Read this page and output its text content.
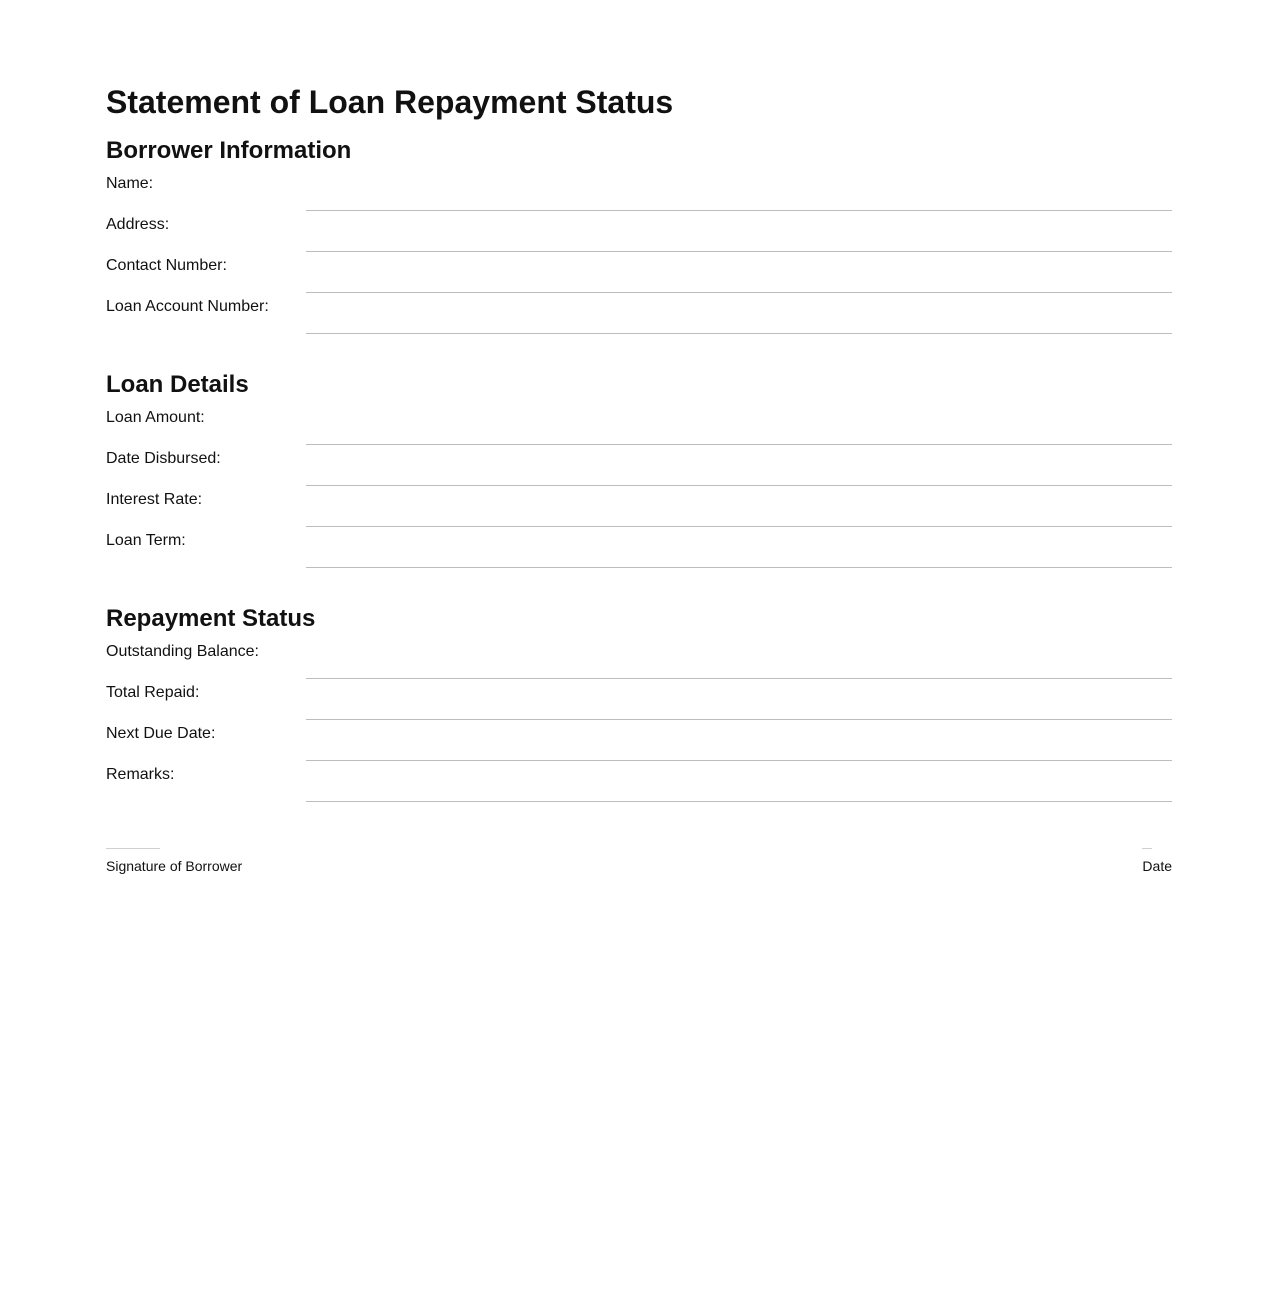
Statement of Loan Repayment Status
Borrower Information
Name:
Address:
Contact Number:
Loan Account Number:
Loan Details
Loan Amount:
Date Disbursed:
Interest Rate:
Loan Term:
Repayment Status
Outstanding Balance:
Total Repaid:
Next Due Date:
Remarks:
Signature of Borrower	Date
